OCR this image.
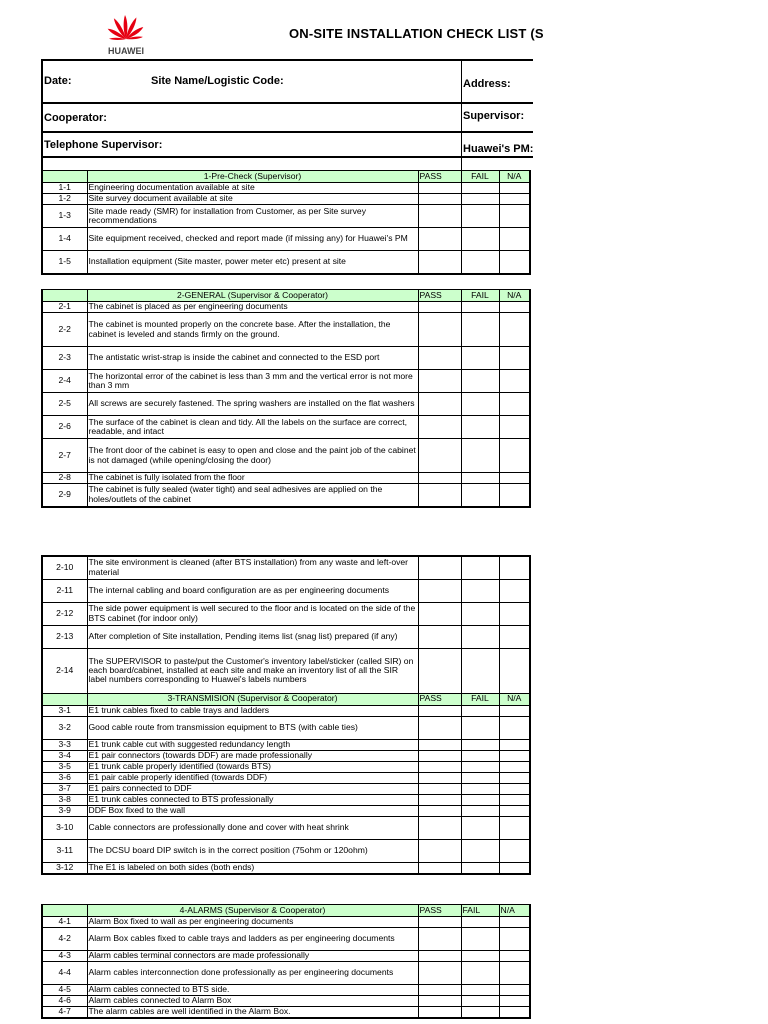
HUAWEI
ON-SITE INSTALLATION CHECK LIST (S
Date:	Site Name/Logistic Code:	Address:
Cooperator:	Supervisor:
Telephone Supervisor:	Huawei's PM:
	1-Pre-Check (Supervisor)	PASS	FAIL	N/A
1-1	Engineering documentation available at site			
1-2	Site survey document available at site			
1-3	Site made ready (SMR) for installation from Customer, as per Site survey recommendations			
1-4	Site equipment received, checked and report made (if missing any) for Huawei's PM			
1-5	Installation equipment (Site master, power meter etc) present at site			
	2-GENERAL (Supervisor & Cooperator)	PASS	FAIL	N/A
2-1	The cabinet is placed as per engineering documents			
2-2	The cabinet is mounted properly on the concrete base. After the installation, the cabinet is leveled and stands firmly on the ground.			
2-3	The antistatic wrist-strap is inside the cabinet and connected to the ESD port			
2-4	The horizontal error of the cabinet is less than 3 mm and the vertical error is not more than 3 mm			
2-5	All screws are securely fastened. The spring washers are installed on the flat washers			
2-6	The surface of the cabinet is clean and tidy. All the labels on the surface are correct, readable, and intact			
2-7	The front door of the cabinet is easy to open and close and the paint job of the cabinet is not damaged (while opening/closing the door)			
2-8	The cabinet is fully isolated from the floor			
2-9	The cabinet is fully sealed (water tight) and seal adhesives are applied on the holes/outlets of the cabinet			
2-10	The site environment is cleaned (after BTS installation) from any waste and left-over material			
2-11	The internal cabling and board configuration are as per engineering documents			
2-12	The side power equipment is well secured to the floor and is located on the side of the BTS cabinet (for indoor only)			
2-13	After completion of Site installation, Pending items list (snag list) prepared (if any)			
2-14	The SUPERVISOR to paste/put the Customer's inventory label/sticker (called SIR) on each board/cabinet, installed at each site and make an inventory list of all the SIR label numbers corresponding to Huawei's labels numbers			
	3-TRANSMISION (Supervisor & Cooperator)	PASS	FAIL	N/A
3-1	E1 trunk cables fixed to cable trays and ladders			
3-2	Good cable route from transmission equipment to BTS (with cable ties)			
3-3	E1 trunk cable cut with suggested redundancy length			
3-4	E1 pair connectors (towards DDF) are made professionally			
3-5	E1 trunk cable properly identified (towards BTS)			
3-6	E1 pair cable properly identified (towards DDF)			
3-7	E1 pairs connected to DDF			
3-8	E1 trunk cables connected to BTS professionally			
3-9	DDF Box fixed to the wall			
3-10	Cable connectors are professionally done and cover with heat shrink			
3-11	The DCSU board DIP switch is in the correct position (75ohm or 120ohm)			
3-12	The E1 is labeled on both sides (both ends)			
	4-ALARMS (Supervisor & Cooperator)	PASS	FAIL	N/A
4-1	Alarm Box fixed to wall as per engineering documents			
4-2	Alarm Box cables fixed to cable trays and ladders as per engineering documents			
4-3	Alarm cables terminal connectors are made professionally			
4-4	Alarm cables interconnection done professionally as per engineering documents			
4-5	Alarm cables connected to BTS side.			
4-6	Alarm cables connected to Alarm Box			
4-7	The alarm cables are well identified in the Alarm Box.			
